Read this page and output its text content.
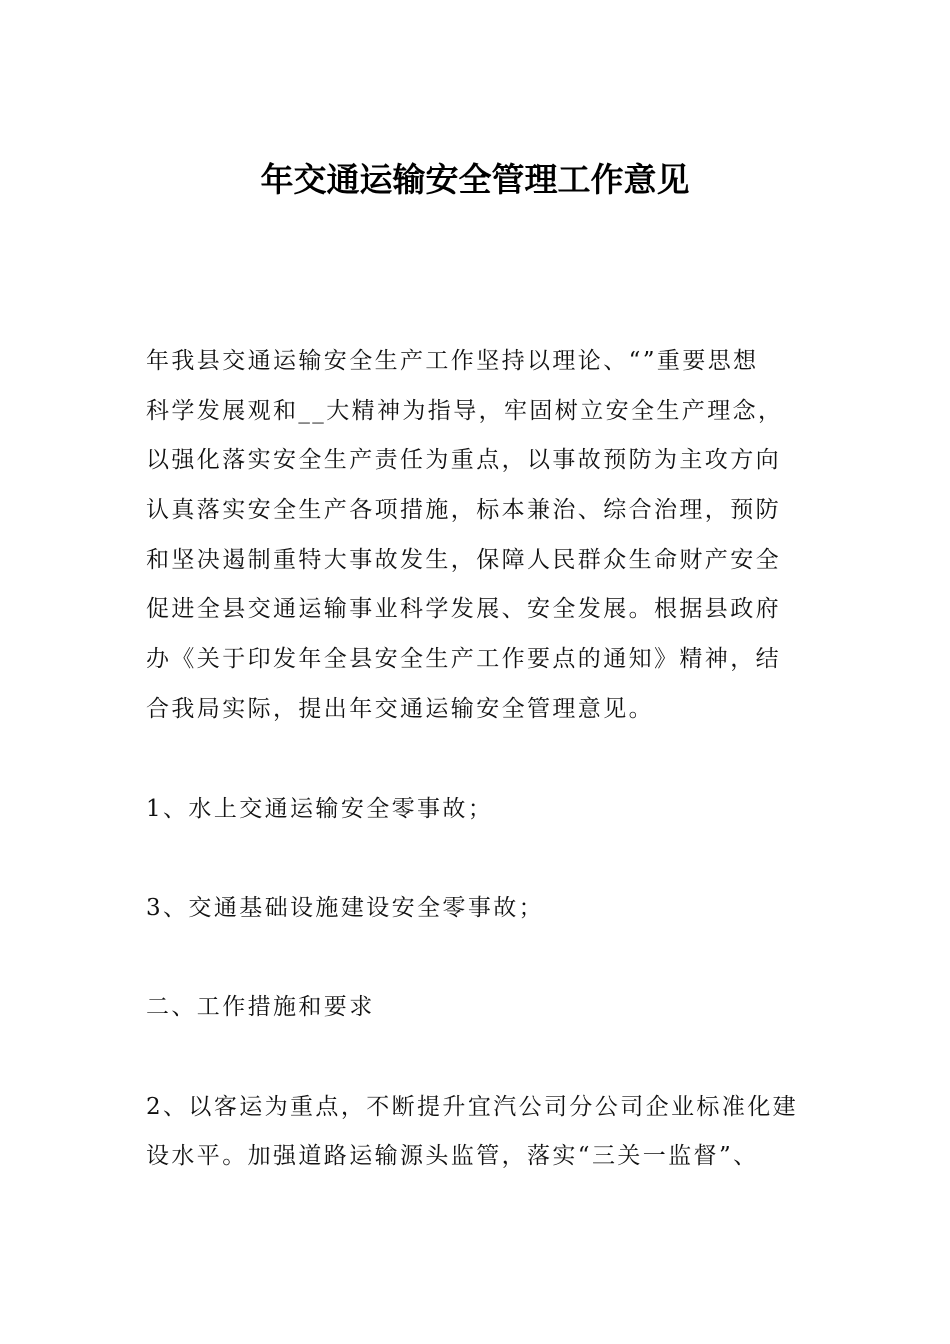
年交通运输安全管理工作意见

年我县交通运输安全生产工作坚持以理论、“”重要思想

科学发展观和__大精神为指导，牢固树立安全生产理念，

以强化落实安全生产责任为重点，以事故预防为主攻方向

认真落实安全生产各项措施，标本兼治、综合治理，预防

和坚决遏制重特大事故发生，保障人民群众生命财产安全

促进全县交通运输事业科学发展、安全发展。根据县政府

办《关于印发年全县安全生产工作要点的通知》精神，结

合我局实际，提出年交通运输安全管理意见。

1、水上交通运输安全零事故；

3、交通基础设施建设安全零事故；

二、工作措施和要求

2、以客运为重点，不断提升宜汽公司分公司企业标准化建

设水平。加强道路运输源头监管，落实“三关一监督”、
